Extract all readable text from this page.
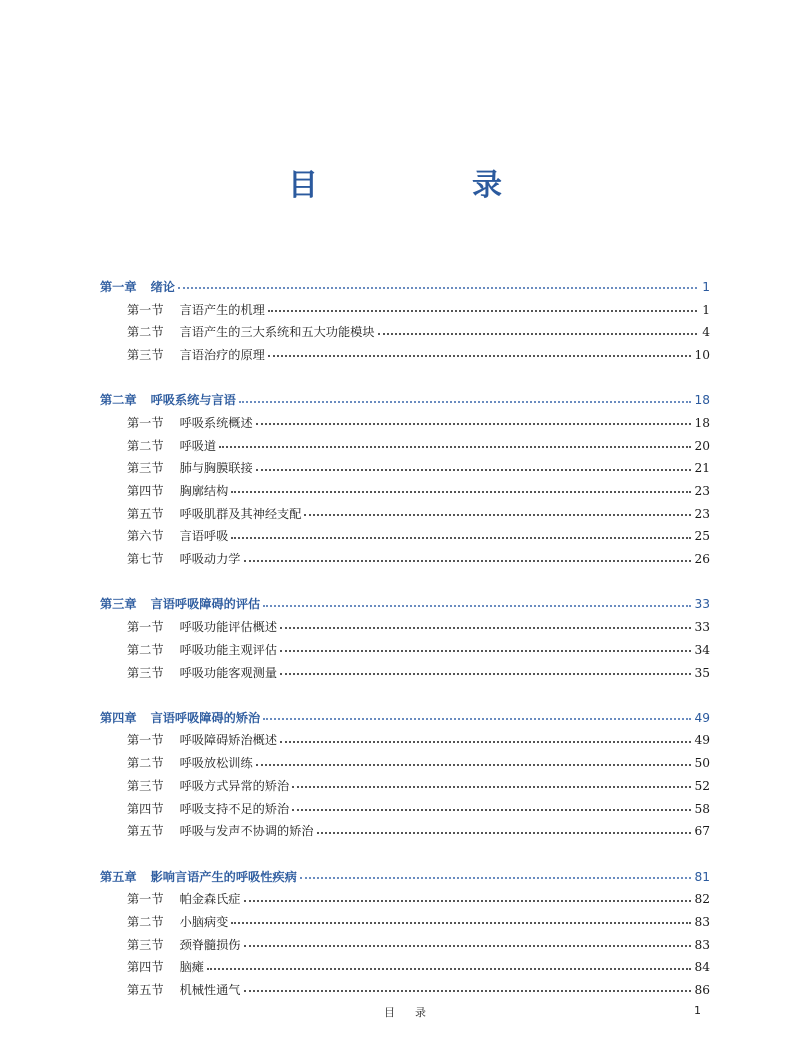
目　录
第一章 绪论	1
第一节 言语产生的机理	1
第二节 言语产生的三大系统和五大功能模块	4
第三节 言语治疗的原理	10
第二章 呼吸系统与言语	18
第一节 呼吸系统概述	18
第二节 呼吸道	20
第三节 肺与胸膜联接	21
第四节 胸廓结构	23
第五节 呼吸肌群及其神经支配	23
第六节 言语呼吸	25
第七节 呼吸动力学	26
第三章 言语呼吸障碍的评估	33
第一节 呼吸功能评估概述	33
第二节 呼吸功能主观评估	34
第三节 呼吸功能客观测量	35
第四章 言语呼吸障碍的矫治	49
第一节 呼吸障碍矫治概述	49
第二节 呼吸放松训练	50
第三节 呼吸方式异常的矫治	52
第四节 呼吸支持不足的矫治	58
第五节 呼吸与发声不协调的矫治	67
第五章 影响言语产生的呼吸性疾病	81
第一节 帕金森氏症	82
第二节 小脑病变	83
第三节 颈脊髓损伤	83
第四节 脑瘫	84
第五节 机械性通气	86
目录	1
